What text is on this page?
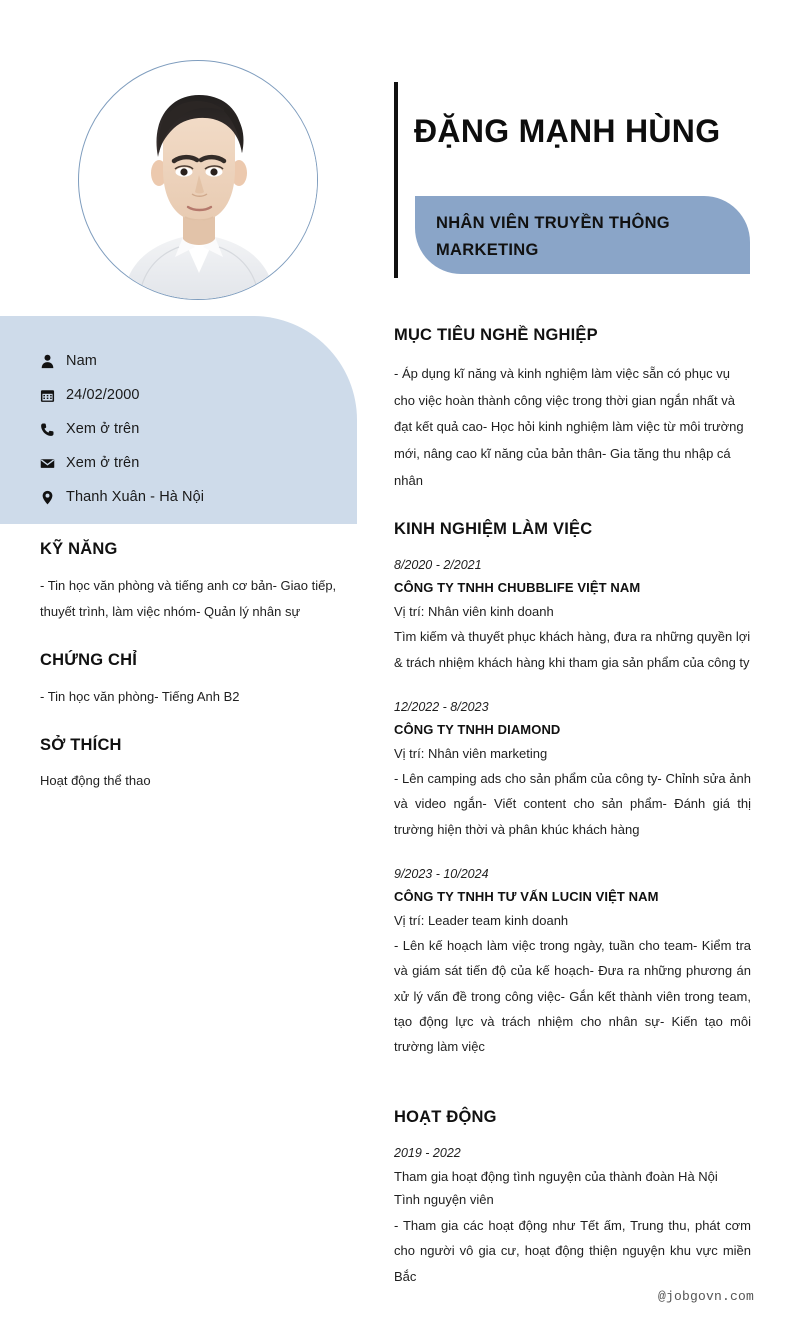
Nam
24/02/2000
Xem ở trên
Xem ở trên
Thanh Xuân - Hà Nội
KỸ NĂNG

- Tin học văn phòng và tiếng anh cơ bản- Giao tiếp, thuyết trình, làm việc nhóm- Quản lý nhân sự

CHỨNG CHỈ

- Tin học văn phòng- Tiếng Anh B2

SỞ THÍCH

Hoạt động thể thao

ĐẶNG MẠNH HÙNG
NHÂN VIÊN TRUYỀN THÔNG MARKETING
MỤC TIÊU NGHỀ NGHIỆP

- Áp dụng kĩ năng và kinh nghiệm làm việc sẵn có phục vụ cho việc hoàn thành công việc trong thời gian ngắn nhất và đạt kết quả cao- Học hỏi kinh nghiệm làm việc từ môi trường mới, nâng cao kĩ năng của bản thân- Gia tăng thu nhập cá nhân

KINH NGHIỆM LÀM VIỆC
8/2020 - 2/2021
CÔNG TY TNHH CHUBBLIFE VIỆT NAM
Vị trí: Nhân viên kinh doanh
Tìm kiếm và thuyết phục khách hàng, đưa ra những quyền lợi & trách nhiệm khách hàng khi tham gia sản phẩm của công ty
12/2022 - 8/2023
CÔNG TY TNHH DIAMOND
Vị trí: Nhân viên marketing
- Lên camping ads cho sản phẩm của công ty- Chỉnh sửa ảnh và video ngắn- Viết content cho sản phẩm- Đánh giá thị trường hiện thời và phân khúc khách hàng
9/2023 - 10/2024
CÔNG TY TNHH TƯ VẤN LUCIN VIỆT NAM
Vị trí: Leader team kinh doanh
- Lên kế hoạch làm việc trong ngày, tuần cho team- Kiểm tra và giám sát tiến độ của kế hoạch- Đưa ra những phương án xử lý vấn đề trong công việc- Gắn kết thành viên trong team, tạo động lực và trách nhiệm cho nhân sự- Kiến tạo môi trường làm việc
HOẠT ĐỘNG
2019 - 2022
Tham gia hoạt động tình nguyện của thành đoàn Hà Nội
Tình nguyện viên
- Tham gia các hoạt động như Tết ấm, Trung thu, phát cơm cho người vô gia cư, hoạt động thiện nguyện khu vực miền Bắc
@jobgovn.com
